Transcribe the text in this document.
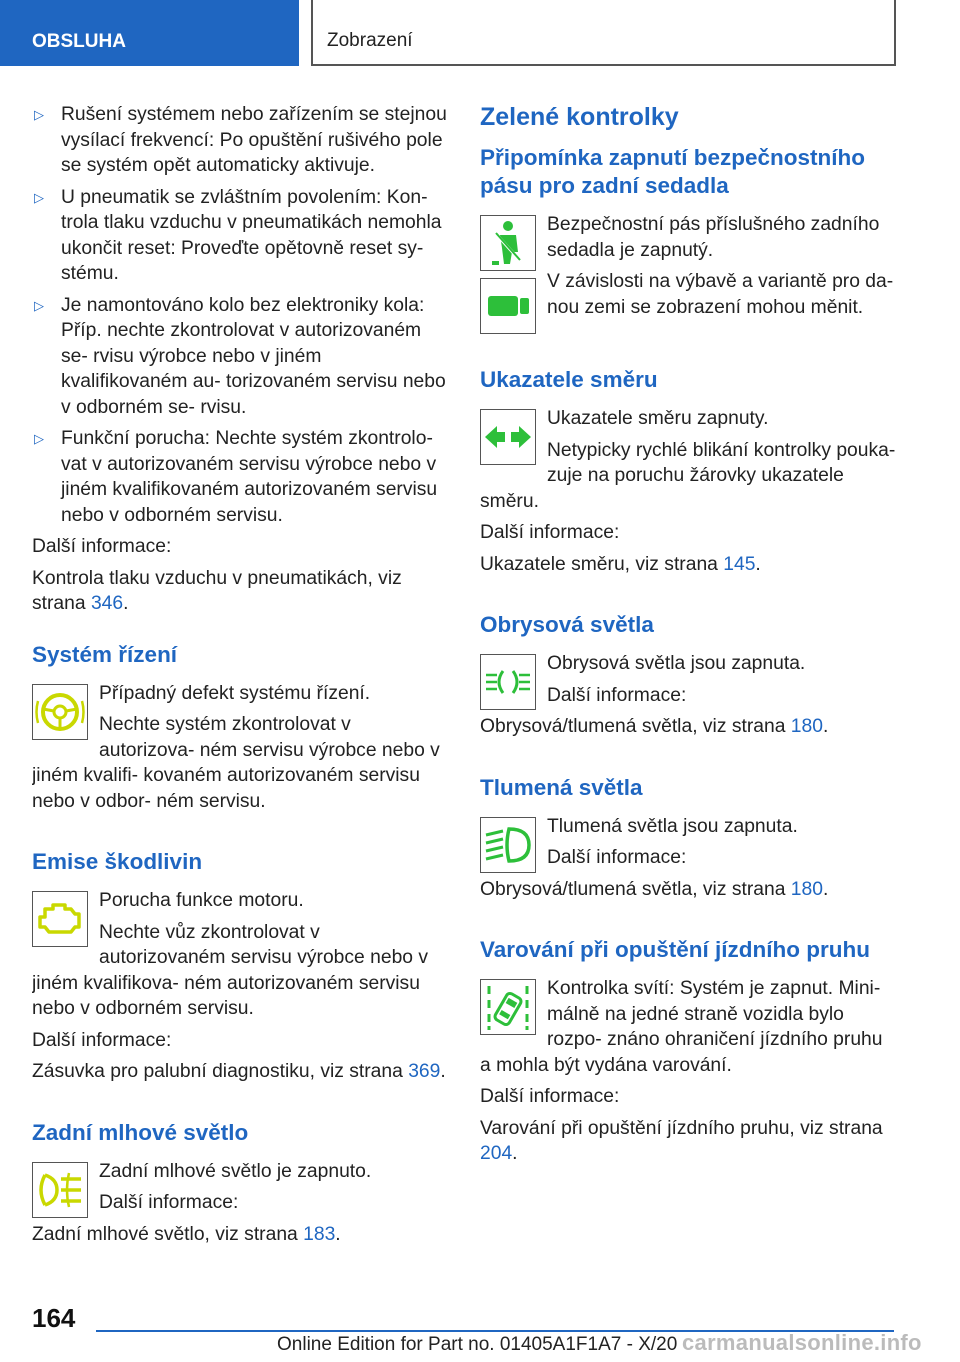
OBSLUHA	Zobrazení
▷ Rušení systémem nebo zařízením se stejnou vysílací frekvencí: Po opuštění rušivého pole se systém opět automaticky aktivuje.
▷ U pneumatik se zvláštním povolením: Kon‐ trola tlaku vzduchu v pneumatikách nemohla ukončit reset: Proveďte opětovně reset sy‐ stému.
▷ Je namontováno kolo bez elektroniky kola: Příp. nechte zkontrolovat v autorizovaném se‐ rvisu výrobce nebo v jiném kvalifikovaném au‐ torizovaném servisu nebo v odborném se‐ rvisu.
▷ Funkční porucha: Nechte systém zkontrolo‐ vat v autorizovaném servisu výrobce nebo v jiném kvalifikovaném autorizovaném servisu nebo v odborném servisu.

Další informace:

Kontrola tlaku vzduchu v pneumatikách, viz strana 346.

Systém řízení

Případný defekt systému řízení.

Nechte systém zkontrolovat v autorizova‐ ném servisu výrobce nebo v jiném kvalifi‐ kovaném autorizovaném servisu nebo v odbor‐ ném servisu.

Emise škodlivin

Porucha funkce motoru.

Nechte vůz zkontrolovat v autorizovaném servisu výrobce nebo v jiném kvalifikova‐ ném autorizovaném servisu nebo v odborném servisu.

Další informace:

Zásuvka pro palubní diagnostiku, viz strana 369.

Zadní mlhové světlo

Zadní mlhové světlo je zapnuto.

Další informace:

Zadní mlhové světlo, viz strana 183.

Zelené kontrolky
Připomínka zapnutí bezpečnostního pásu pro zadní sedadla

Bezpečnostní pás příslušného zadního sedadla je zapnutý.

V závislosti na výbavě a variantě pro da‐ nou zemi se zobrazení mohou měnit.

Ukazatele směru

Ukazatele směru zapnuty.

Netypicky rychlé blikání kontrolky pouka‐ zuje na poruchu žárovky ukazatele směru.

Další informace:

Ukazatele směru, viz strana 145.

Obrysová světla

Obrysová světla jsou zapnuta.

Další informace:

Obrysová/tlumená světla, viz strana 180.

Tlumená světla

Tlumená světla jsou zapnuta.

Další informace:

Obrysová/tlumená světla, viz strana 180.

Varování při opuštění jízdního pruhu

Kontrolka svítí: Systém je zapnut. Mini‐ málně na jedné straně vozidla bylo rozpo‐ znáno ohraničení jízdního pruhu a mohla být vydána varování.

Další informace:

Varování při opuštění jízdního pruhu, viz strana 204.

164
Online Edition for Part no. 01405A1F1A7 - X/20 carmanualsonline.info
